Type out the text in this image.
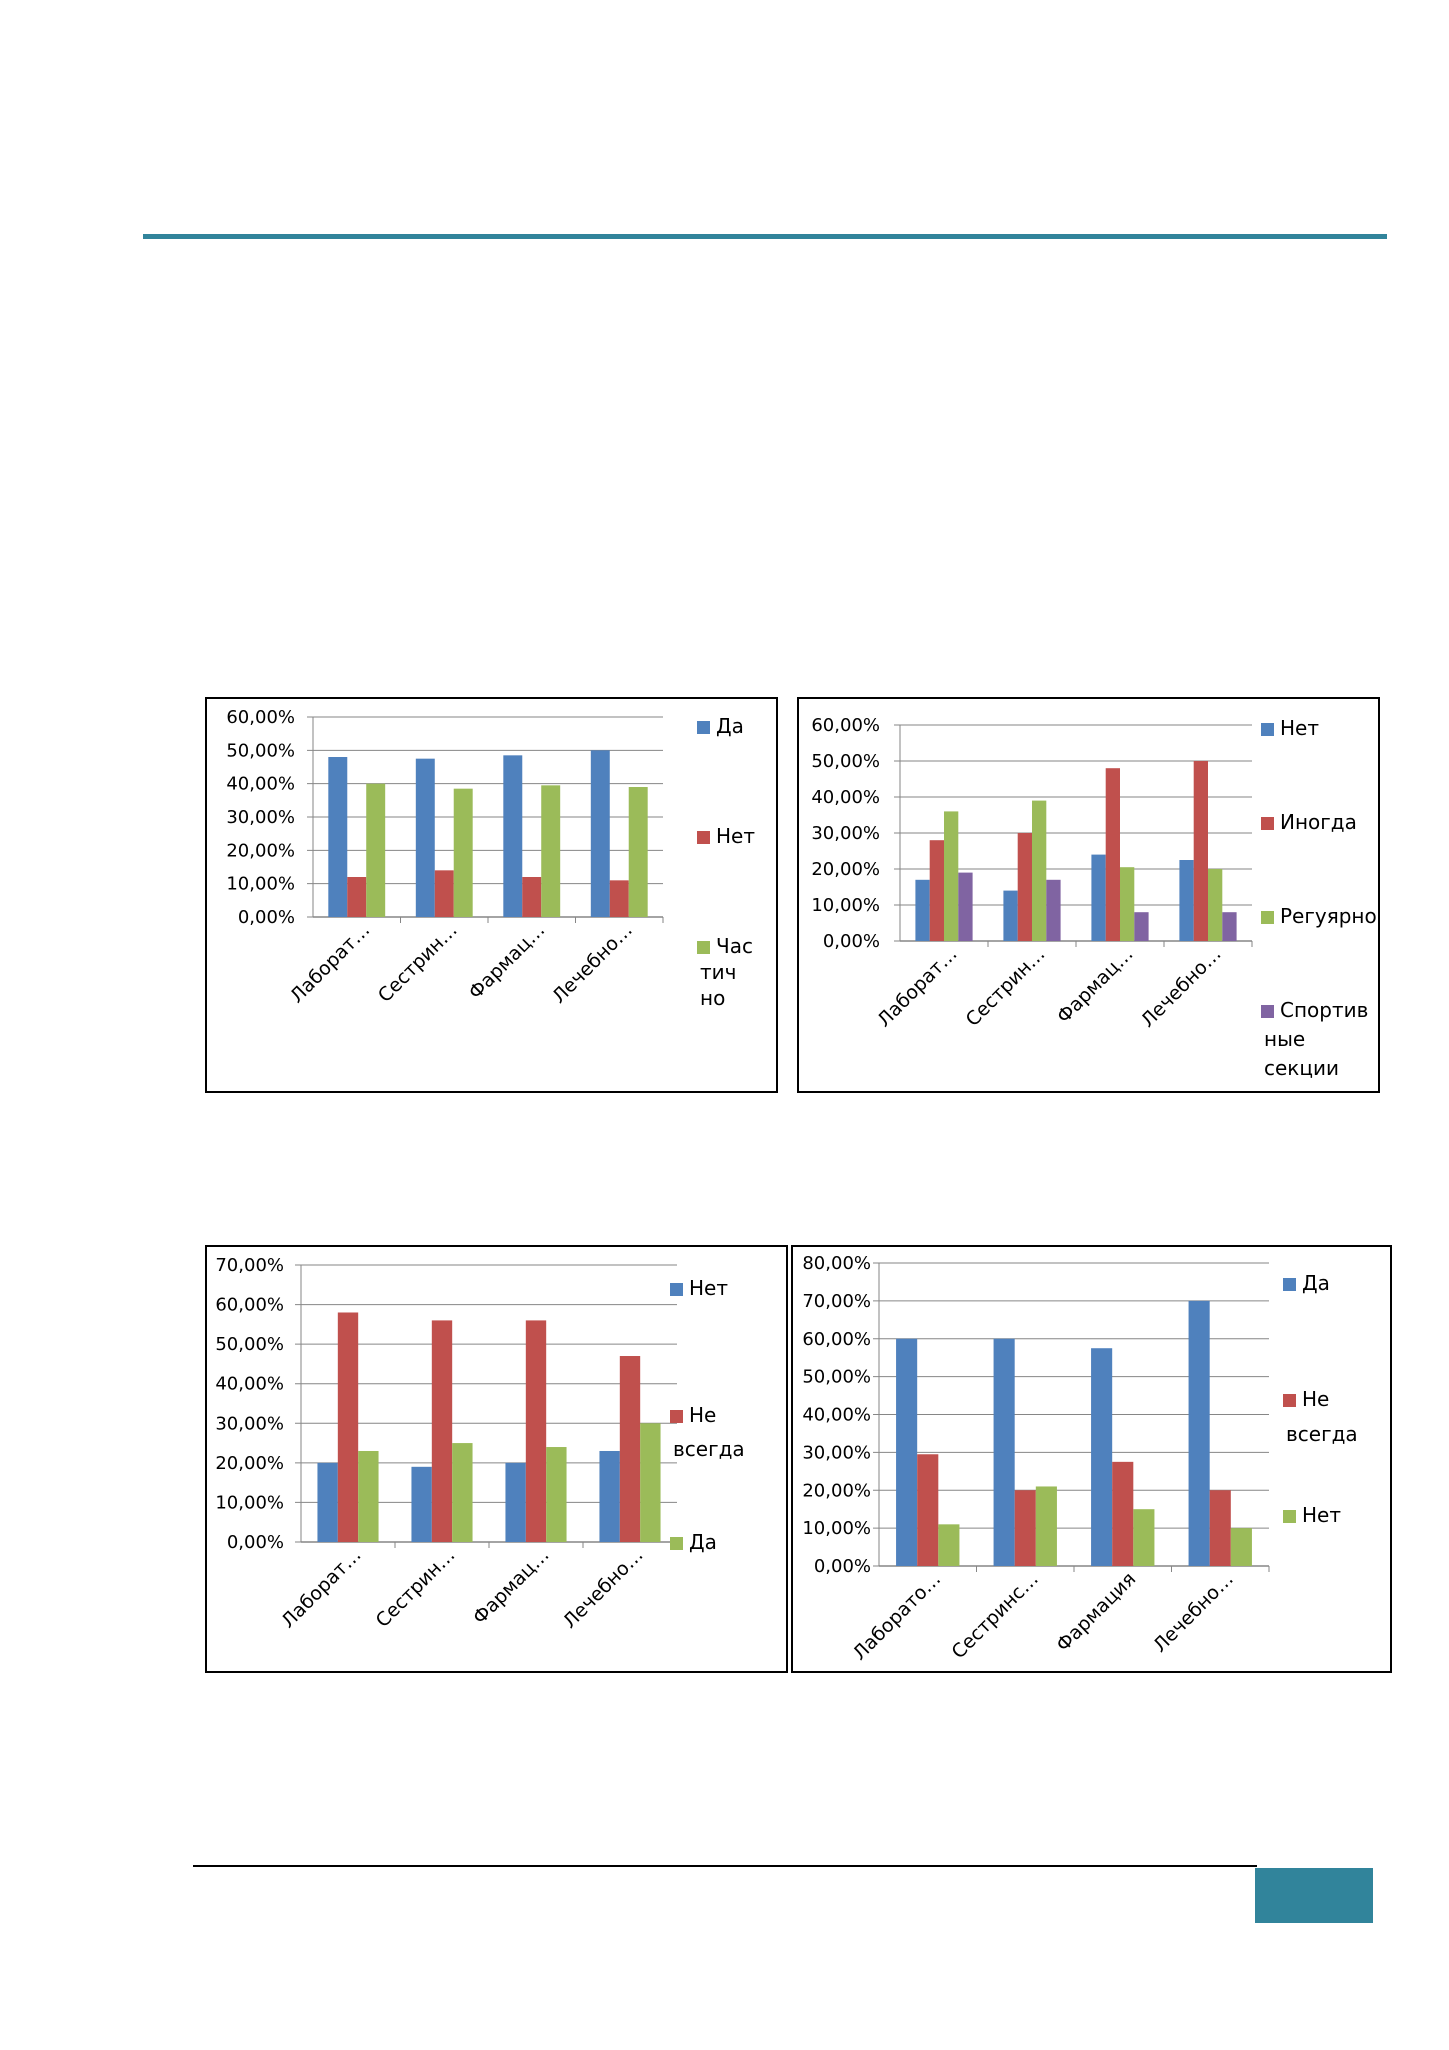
0,00%
10,00%
20,00%
30,00%
40,00%
50,00%
60,00%
Лаборат… Сестрин… Фармац…
Лечебно…
Да
Нет
Час тич но
0,00%
10,00%
20,00%
30,00%
40,00%
50,00%
60,00%
Лаборат… Сестрин… Фармац… Лечебно…
Нет
Иногда
Регуярно
Спортив ные секции
0,00%
10,00%
20,00%
30,00%
40,00%
50,00%
60,00%
70,00%
Лаборат… Сестрин… Фармац… Лечебно…
Нет
Не всегда
Да
0,00%
10,00%
20,00%
30,00%
40,00%
50,00%
60,00%
70,00%
80,00%
Лаборато… Сестринс… Фармация Лечебно…
Да
Не всегда
Нет
